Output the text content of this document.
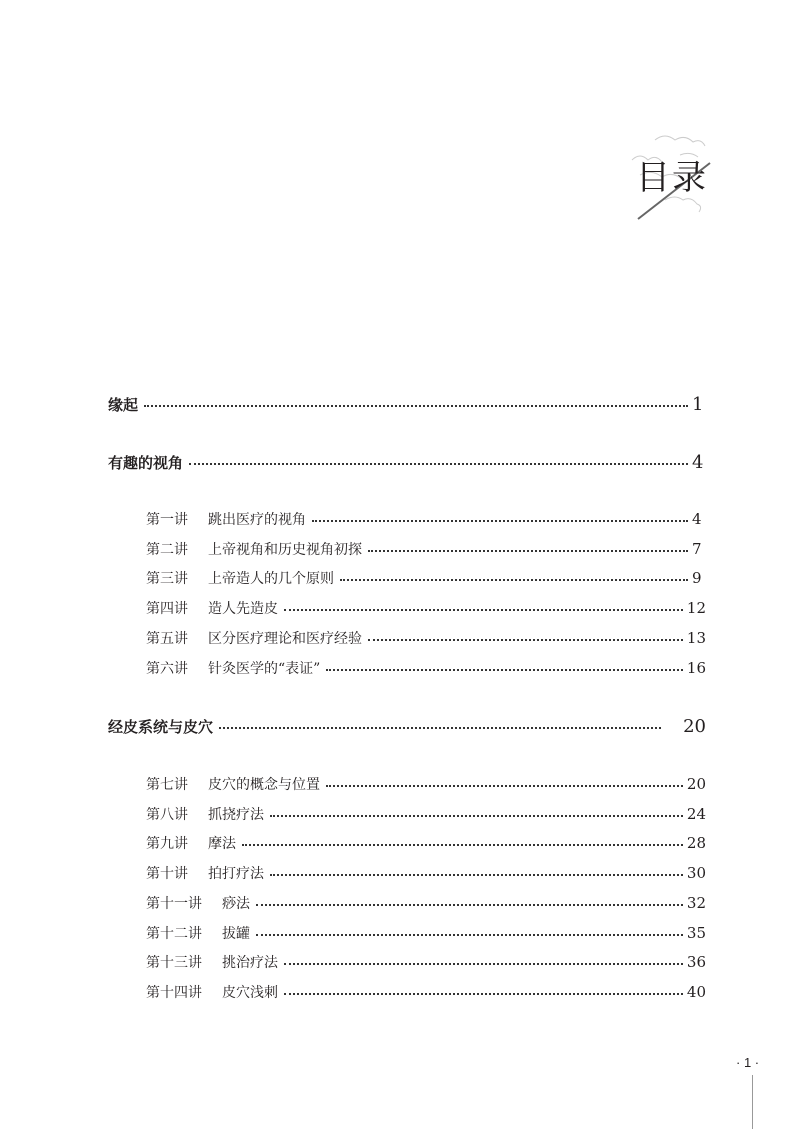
目录
缘起	1
有趣的视角	4
第一讲 跳出医疗的视角	4
第二讲 上帝视角和历史视角初探	7
第三讲 上帝造人的几个原则	9
第四讲 造人先造皮	12
第五讲 区分医疗理论和医疗经验	13
第六讲 针灸医学的“表证”	16
经皮系统与皮穴	20
第七讲 皮穴的概念与位置	20
第八讲 抓挠疗法	24
第九讲 摩法	28
第十讲 拍打疗法	30
第十一讲 痧法	32
第十二讲 拔罐	35
第十三讲 挑治疗法	36
第十四讲 皮穴浅刺	40
· 1 ·
